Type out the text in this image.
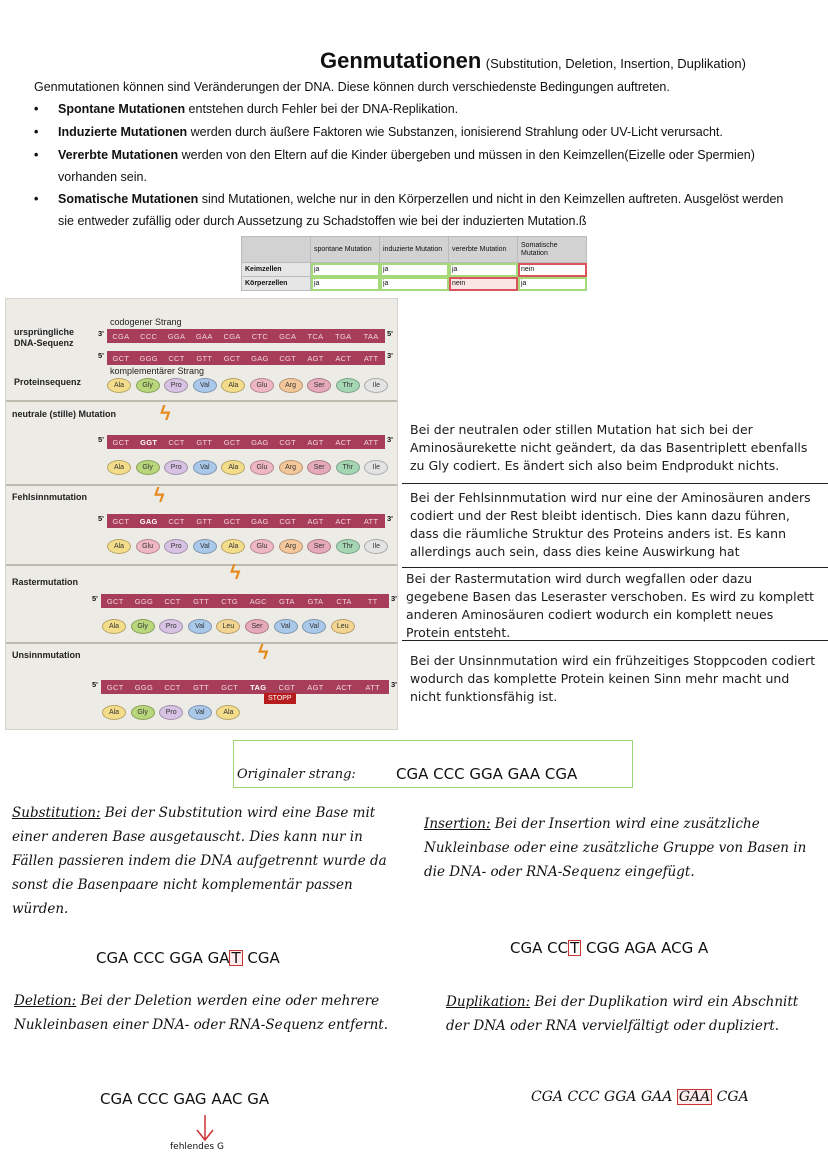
Genmutationen (Substitution, Deletion, Insertion, Duplikation)
Genmutationen können sind Veränderungen der DNA. Diese können durch verschiedenste Bedingungen auftreten.
• Spontane Mutationen entstehen durch Fehler bei der DNA-Replikation.
• Induzierte Mutationen werden durch äußere Faktoren wie Substanzen, ionisierend Strahlung oder UV-Licht verursacht.
• Vererbte Mutationen werden von den Eltern auf die Kinder übergeben und müssen in den Keimzellen(Eizelle oder Spermien) vorhanden sein.
• Somatische Mutationen sind Mutationen, welche nur in den Körperzellen und nicht in den Keimzellen auftreten. Ausgelöst werden sie entweder zufällig oder durch Aussetzung zu Schadstoffen wie bei der induzierten Mutation.ß
	spontane Mutation	induzierte Mutation	vererbte Mutation	Somatische Mutation
Keimzellen	ja	ja	ja	nein
Körperzellen	ja	ja	nein	ja
codogener Strang
ursprüngliche DNA-Sequenz
3'	CGA	CCC	GGA	GAA	CGA	CTC	GCA	TCA	TGA	TAA	5'
5'	GCT	GGG	CCT	GTT	GCT	GAG	CGT	AGT	ACT	ATT	3'
komplementärer Strang
Proteinsequenz	Ala	Gly	Pro	Val	Ala	Glu	Arg	Ser	Thr	Ile
neutrale (stille) Mutation ϟ
5'	GCT	GGT	CCT	GTT	GCT	GAG	CGT	AGT	ACT	ATT	3'
Ala	Gly	Pro	Val	Ala	Glu	Arg	Ser	Thr	Ile
Fehlsinnmutation	ϟ
5'	GCT	GAG	CCT	GTT	GCT	GAG	CGT	AGT	ACT	ATT	3'
Ala	Glu	Pro	Val	Ala	Glu	Arg	Ser	Thr	Ile
Rastermutation	ϟ
5'	GCT	GGG	CCT	GTT	CTG	AGC	GTA	GTA	CTA	TT	3'
Ala	Gly	Pro	Val	Leu	Ser	Val	Val	Leu
Unsinnmutation	ϟ
5'	GCT	GGG	CCT	GTT	GCT	TAG	CGT	AGT	ACT	ATT	3'
STOPP
Ala	Gly	Pro	Val	Ala
Bei der neutralen oder stillen Mutation hat sich bei der Aminosäurekette nicht geändert, da das Basentriplett ebenfalls zu Gly codiert. Es ändert sich also beim Endprodukt nichts.
Bei der Fehlsinnmutation wird nur eine der Aminosäuren anders codiert und der Rest bleibt identisch. Dies kann dazu führen, dass die räumliche Struktur des Proteins anders ist. Es kann allerdings auch sein, dass dies keine Auswirkung hat
Bei der Rastermutation wird durch wegfallen oder dazu gegebene Basen das Leseraster verschoben. Es wird zu komplett anderen Aminosäuren codiert wodurch ein komplett neues Protein entsteht.
Bei der Unsinnmutation wird ein frühzeitiges Stoppcoden codiert wodurch das komplette Protein keinen Sinn mehr macht und nicht funktionsfähig ist.
Originaler strang:	CGA CCC GGA GAA CGA
Substitution: Bei der Substitution wird eine Base mit einer anderen Base ausgetauscht. Dies kann nur in Fällen passieren indem die DNA aufgetrennt wurde da sonst die Basenpaare nicht komplementär passen würden.
CGA CCC GGA GA T CGA
Insertion: Bei der Insertion wird eine zusätzliche Nukleinbase oder eine zusätzliche Gruppe von Basen in die DNA- oder RNA-Sequenz eingefügt.
CGA CC T CGG AGA ACG A
Deletion: Bei der Deletion werden eine oder mehrere Nukleinbasen einer DNA- oder RNA-Sequenz entfernt.
CGA CCC GAG AAC GA
fehlendes G
Duplikation: Bei der Duplikation wird ein Abschnitt der DNA oder RNA vervielfältigt oder dupliziert.
CGA CCC GGA GAA GAA CGA
